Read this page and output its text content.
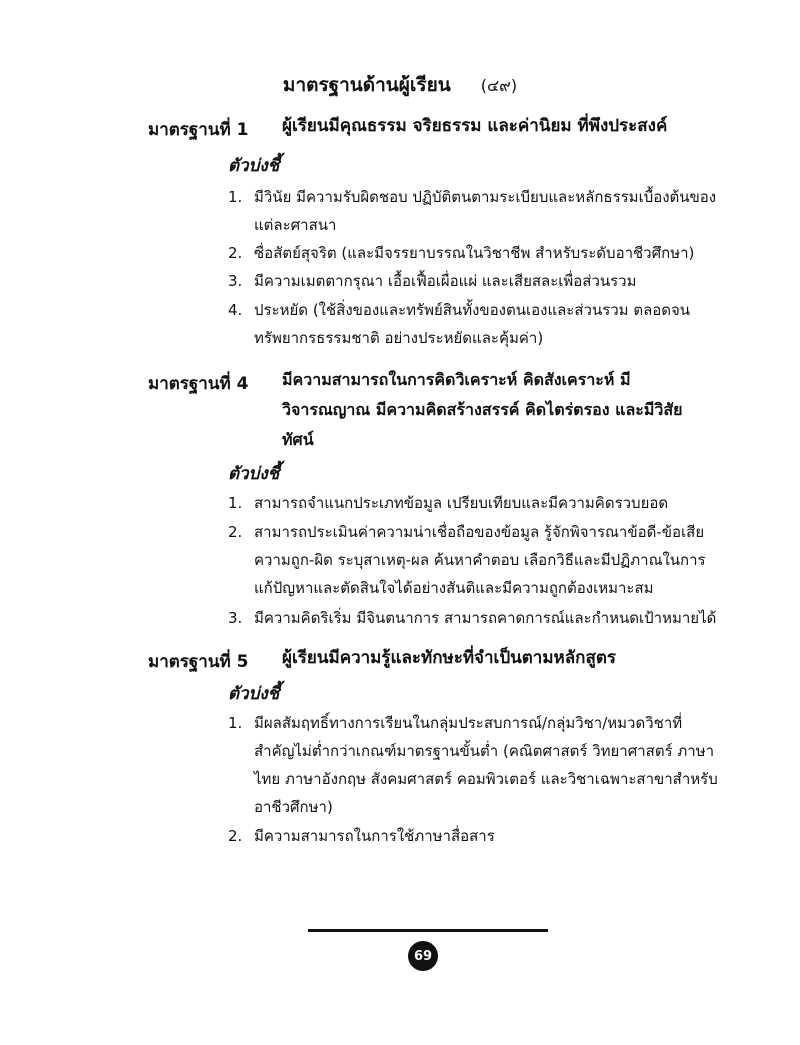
มาตรฐานด้านผู้เรียน (๔๙)
มาตรฐานที่ 1 ผู้เรียนมีคุณธรรม จริยธรรม และค่านิยม ที่พึงประสงค์
ตัวบ่งชี้
1. มีวินัย มีความรับผิดชอบ ปฏิบัติตนตามระเบียบและหลักธรรมเบื้องต้นของแต่ละศาสนา
2. ซื่อสัตย์สุจริต (และมีจรรยาบรรณในวิชาชีพ สำหรับระดับอาชีวศึกษา)
3. มีความเมตตากรุณา เอื้อเฟื้อเผื่อแผ่ และเสียสละเพื่อส่วนรวม
4. ประหยัด (ใช้สิ่งของและทรัพย์สินทั้งของตนเองและส่วนรวม ตลอดจนทรัพยากรธรรมชาติ อย่างประหยัดและคุ้มค่า)
มาตรฐานที่ 4 มีความสามารถในการคิดวิเคราะห์ คิดสังเคราะห์ มีวิจารณญาณ มีความคิดสร้างสรรค์ คิดไตร่ตรอง และมีวิสัยทัศน์
ตัวบ่งชี้
1. สามารถจำแนกประเภทข้อมูล เปรียบเทียบและมีความคิดรวบยอด
2. สามารถประเมินค่าความน่าเชื่อถือของข้อมูล รู้จักพิจารณาข้อดี-ข้อเสีย ความถูก-ผิด ระบุสาเหตุ-ผล ค้นหาคำตอบ เลือกวิธีและมีปฏิภาณในการแก้ปัญหาและตัดสินใจได้อย่างสันติและมีความถูกต้องเหมาะสม
3. มีความคิดริเริ่ม มีจินตนาการ สามารถคาดการณ์และกำหนดเป้าหมายได้
มาตรฐานที่ 5 ผู้เรียนมีความรู้และทักษะที่จำเป็นตามหลักสูตร
ตัวบ่งชี้
1. มีผลสัมฤทธิ์ทางการเรียนในกลุ่มประสบการณ์/กลุ่มวิชา/หมวดวิชาที่สำคัญไม่ต่ำกว่าเกณฑ์มาตรฐานขั้นต่ำ (คณิตศาสตร์ วิทยาศาสตร์ ภาษาไทย ภาษาอังกฤษ สังคมศาสตร์ คอมพิวเตอร์ และวิชาเฉพาะสาขาสำหรับอาชีวศึกษา)
2. มีความสามารถในการใช้ภาษาสื่อสาร
69
